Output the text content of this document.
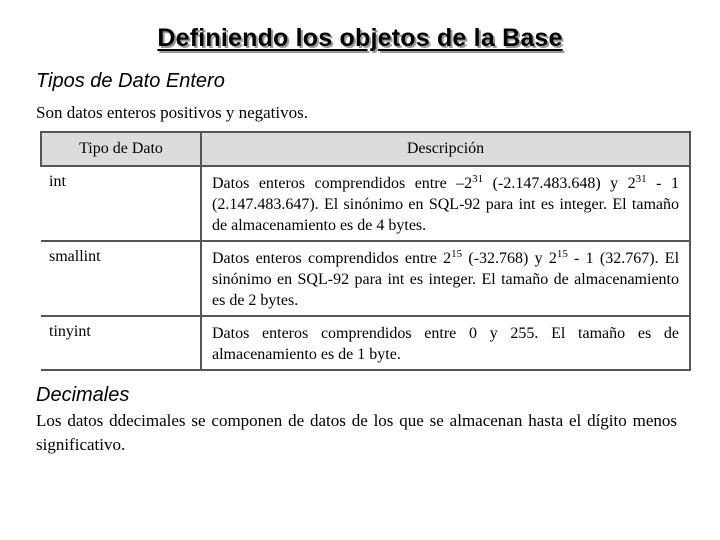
Definiendo los objetos de la Base
Tipos de Dato Entero
Son datos enteros positivos y negativos.
Tipo de Dato	Descripción
int	Datos enteros comprendidos entre $-2^{31}$ (-2.147.483.648) y $2^{31} - 1$ (2.147.483.647). El sinónimo en SQL-92 para int es integer. El tamaño de almacenamiento es de 4 bytes.
smallint	Datos enteros comprendidos entre $2^{15}$ (-32.768) y $2^{15} - 1$ (32.767). El sinónimo en SQL-92 para int es integer. El tamaño de almacenamiento es de 2 bytes.
tinyint	Datos enteros comprendidos entre 0 y 255. El tamaño es de almacenamiento es de 1 byte.
Decimales
Los datos ddecimales se componen de datos de los que se almacenan hasta el dígito menos significativo.
